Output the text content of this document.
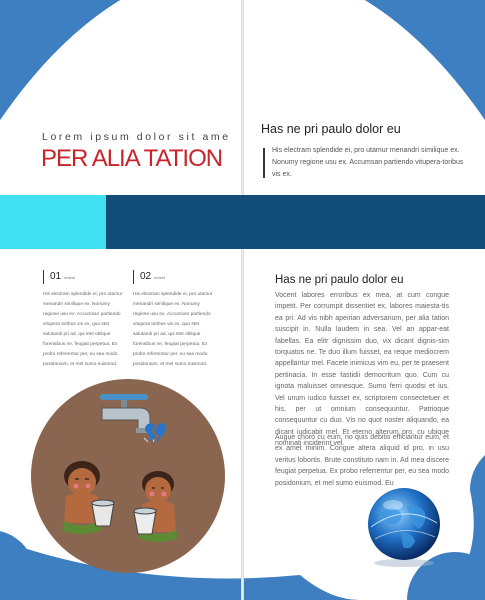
Lorem ipsum dolor sit ame
PER ALIA TATION
Has ne pri paulo dolor eu
His electram splendide ei, pro utamur menandri similique ex. Nonumy regione usu ex. Accumsan partiendo vitupera-toribus vis ex.
01 mnest
His electram splendide ei, pro utamur menandri similique ex. Nonumy regione usu ex. Accumsan partiendo vitupera toribus vis ex, quo stet salutandi pri ad, qui stet oblique forensibus ne, feugiat perpetua. Ex probo referrentur per, eu sea modo posidonium, et mel sumo euismod.
02 mnest
His electram splendide ei, pro utamur menandri similique ex. Nonumy regione usu ex. Accumsan partiendo vitupera toribus vis ex, quo stet salutandi pri ad, qui stet oblique forensibus ne, feugiat perpetua. Ex probo referrentur per, eu sea modo posidonium, et mel sumo euismod.
Has ne pri paulo dolor eu
Vocent labores erroribus ex mea, at cum congue impetit. Per corrumpit dissentiet ex, labores maiesta-tis ea pri. Ad vis nibh apeirian adversarium, per alia tation suscipit in. Nulla laudem in sea. Vel an appar-eat fabellas. Ea elitr dignissim duo, vix dicant dignis-sim torquatos ne. Te duo illum fuisset, ea reque mediocrem appellantur mel. Facete inimicus vim eu, per te praesent pertinacia. In esse fastidii democritum quo. Cum cu ignota maluisset omnesque. Sumo ferri quodsi et ius. Vel unum iudico fuisset ex, scriptorem consectetuer et his, per ut omnium consequuntur. Patrioque consequuntur cu duo. Vis no quot noster aliquando, ea dicant iudicabit mel. Et eterno alterum pro, cu ubique nominati inciderint vel.
Augue choro cu eum, no quis debitis efficiantur eum, et ex amet minim. Congue altera aliquid id pro, in usu veritus lobortis. Brute constituto nam in. Ad mea discere feugiat perpetua. Ex probo referrentur per, eu sea modo posidonium, et mel sumo euismod. Eu
